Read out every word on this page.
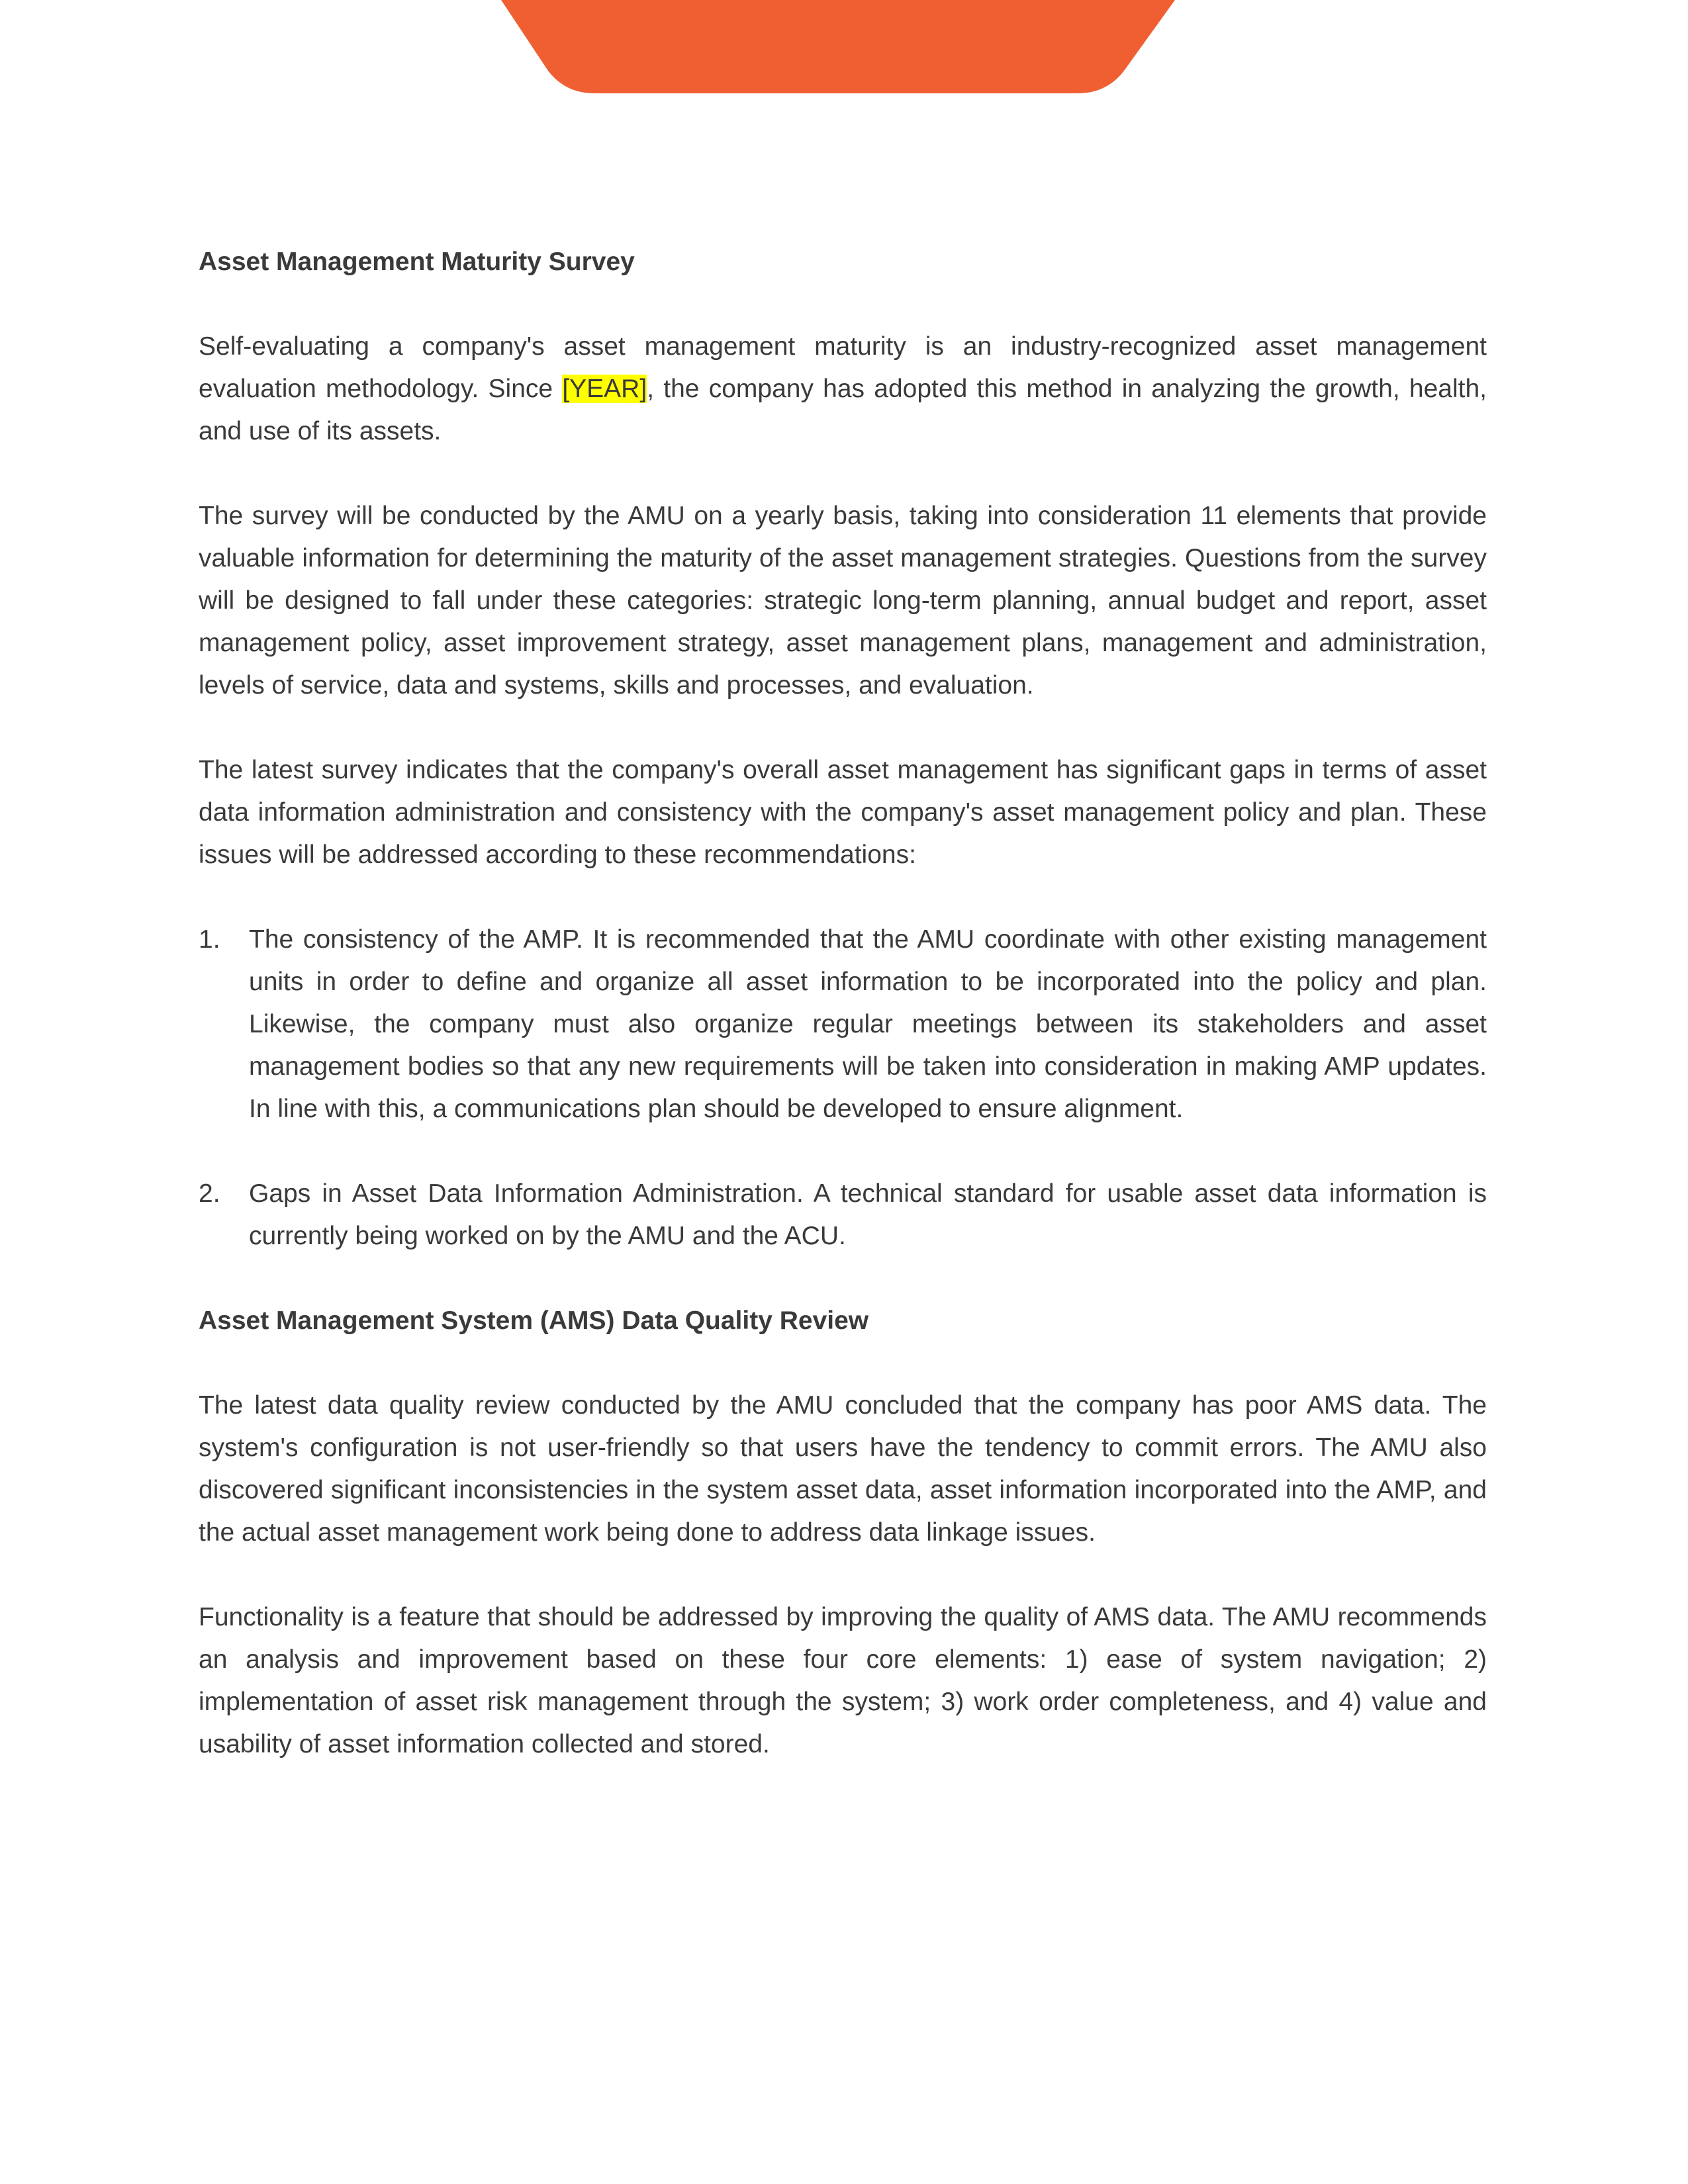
Asset Management Maturity Survey

Self-evaluating a company's asset management maturity is an industry-recognized asset management evaluation methodology. Since [YEAR], the company has adopted this method in analyzing the growth, health, and use of its assets.

The survey will be conducted by the AMU on a yearly basis, taking into consideration 11 elements that provide valuable information for determining the maturity of the asset management strategies. Questions from the survey will be designed to fall under these categories: strategic long-term planning, annual budget and report, asset management policy, asset improvement strategy, asset management plans, management and administration, levels of service, data and systems, skills and processes, and evaluation.

The latest survey indicates that the company's overall asset management has significant gaps in terms of asset data information administration and consistency with the company's asset management policy and plan. These issues will be addressed according to these recommendations:

1. The consistency of the AMP. It is recommended that the AMU coordinate with other existing management units in order to define and organize all asset information to be incorporated into the policy and plan. Likewise, the company must also organize regular meetings between its stakeholders and asset management bodies so that any new requirements will be taken into consideration in making AMP updates. In line with this, a communications plan should be developed to ensure alignment.
2. Gaps in Asset Data Information Administration. A technical standard for usable asset data information is currently being worked on by the AMU and the ACU.
Asset Management System (AMS) Data Quality Review

The latest data quality review conducted by the AMU concluded that the company has poor AMS data. The system's configuration is not user-friendly so that users have the tendency to commit errors. The AMU also discovered significant inconsistencies in the system asset data, asset information incorporated into the AMP, and the actual asset management work being done to address data linkage issues.

Functionality is a feature that should be addressed by improving the quality of AMS data. The AMU recommends an analysis and improvement based on these four core elements: 1) ease of system navigation; 2) implementation of asset risk management through the system; 3) work order completeness, and 4) value and usability of asset information collected and stored.
